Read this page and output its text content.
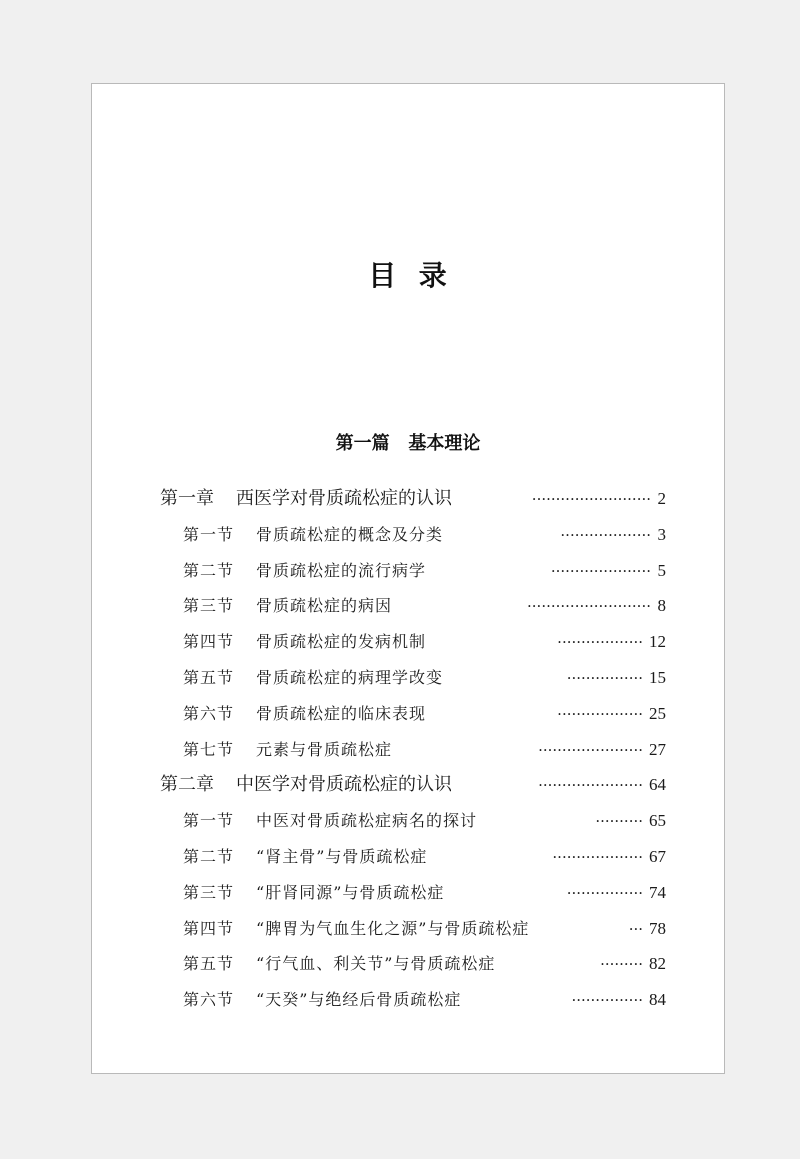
目  录
第一篇   基本理论
第一章 西医学对骨质疏松症的认识	························· 2
第一节 骨质疏松症的概念及分类	··················· 3
第二节 骨质疏松症的流行病学	····················· 5
第三节 骨质疏松症的病因	·························· 8
第四节 骨质疏松症的发病机制	·················· 12
第五节 骨质疏松症的病理学改变	················ 15
第六节 骨质疏松症的临床表现	·················· 25
第七节 元素与骨质疏松症	······················ 27
第二章 中医学对骨质疏松症的认识	······················ 64
第一节 中医对骨质疏松症病名的探讨	·········· 65
第二节 “肾主骨”与骨质疏松症	··················· 67
第三节 “肝肾同源”与骨质疏松症	················ 74
第四节 “脾胃为气血生化之源”与骨质疏松症	··· 78
第五节 “行气血、利关节”与骨质疏松症	········· 82
第六节 “天癸”与绝经后骨质疏松症	··············· 84
